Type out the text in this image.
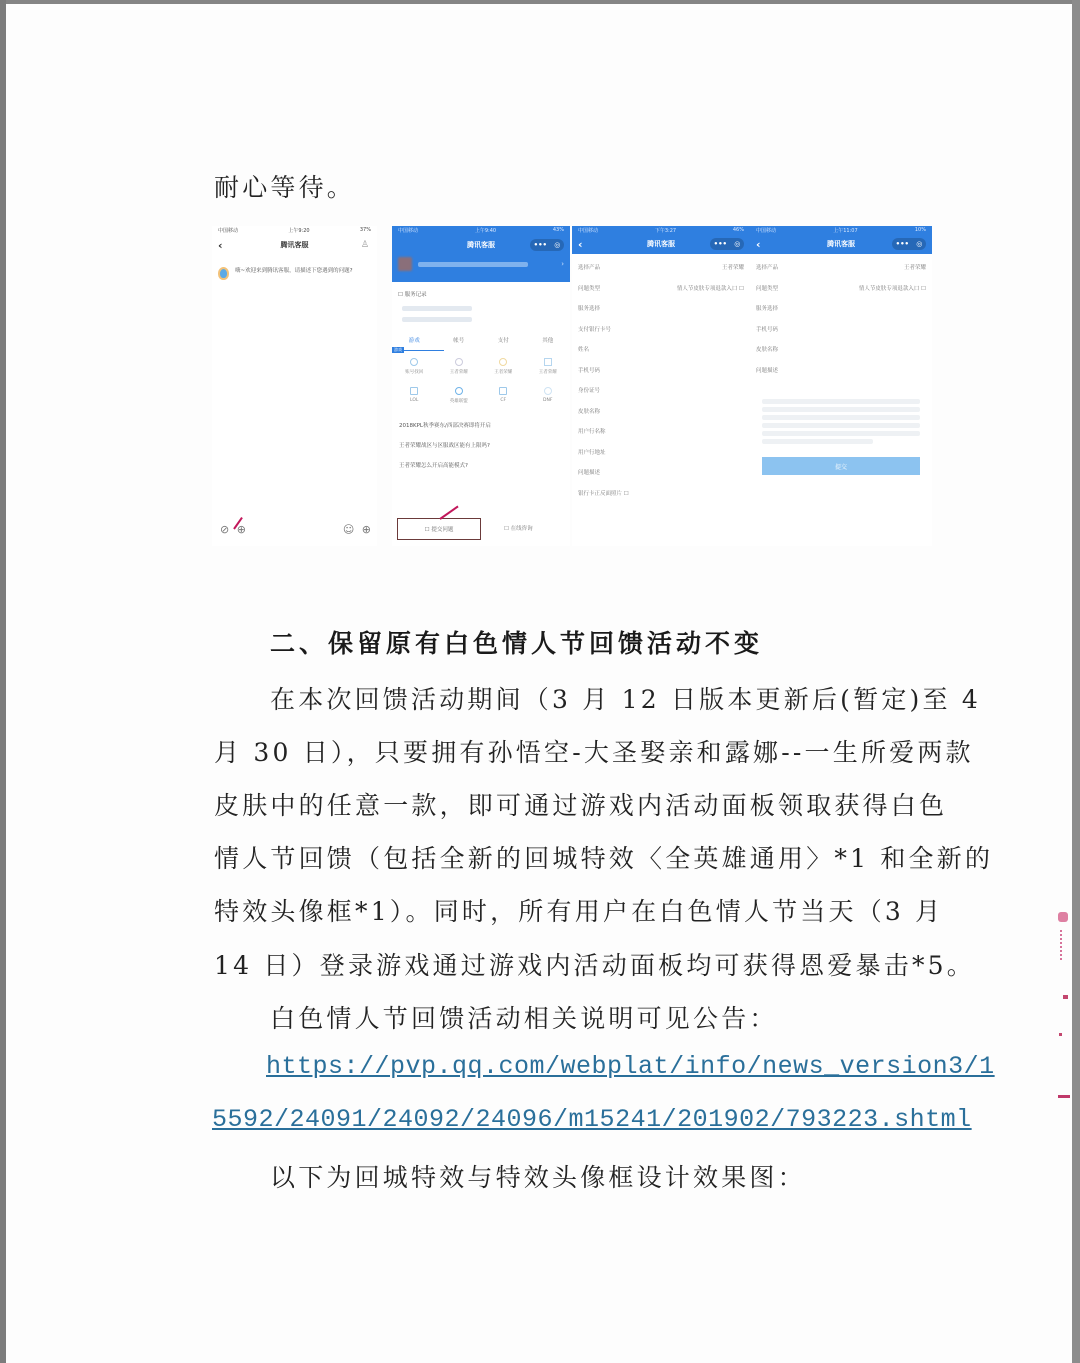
耐心等待。
中国移动	上午9:20	37%
‹	腾讯客服	♙
嗨~欢迎来到腾讯客服，请描述下您遇到的问题?
⊘ ⊕	☺ ⊕
中国移动	上午9:40	43%
腾讯客服	••• ◎
›
☐ 服务记录
游戏	帐号	支付	其他
游戏
账号找回	王者荣耀	王者荣耀	王者荣耀
LOL	英雄联盟	CF	DNF
2018KPL秋季赛东/西部决赛即将开启
王者荣耀战区与区服战区能有上限吗?
王者荣耀怎么开启高能模式?
☐ 提交问题	☐ 在线咨询
中国移动	下午3:27	46%
‹	腾讯客服	••• ◎
选择产品	王者荣耀
问题类型	情人节皮肤专项退款入口 ☐
服务选择
支付银行卡号
姓名
手机号码
身份证号
皮肤名称
用户行名称
用户行地址
问题描述
银行卡正反面照片 ☐
中国移动	上午11:07	10%
‹	腾讯客服	••• ◎
选择产品	王者荣耀
问题类型	情人节皮肤专项退款入口 ☐
服务选择
手机号码
皮肤名称
问题描述
提交
二、保留原有白色情人节回馈活动不变
在本次回馈活动期间（3 月 12 日版本更新后(暂定)至 4
月 30 日），只要拥有孙悟空-大圣娶亲和露娜--一生所爱两款
皮肤中的任意一款，即可通过游戏内活动面板领取获得白色
情人节回馈（包括全新的回城特效〈全英雄通用〉*1 和全新的
特效头像框*1）。同时，所有用户在白色情人节当天（3 月
14 日）登录游戏通过游戏内活动面板均可获得恩爱暴击*5。
白色情人节回馈活动相关说明可见公告：
https://pvp.qq.com/webplat/info/news_version3/1
5592/24091/24092/24096/m15241/201902/793223.shtml
以下为回城特效与特效头像框设计效果图：
